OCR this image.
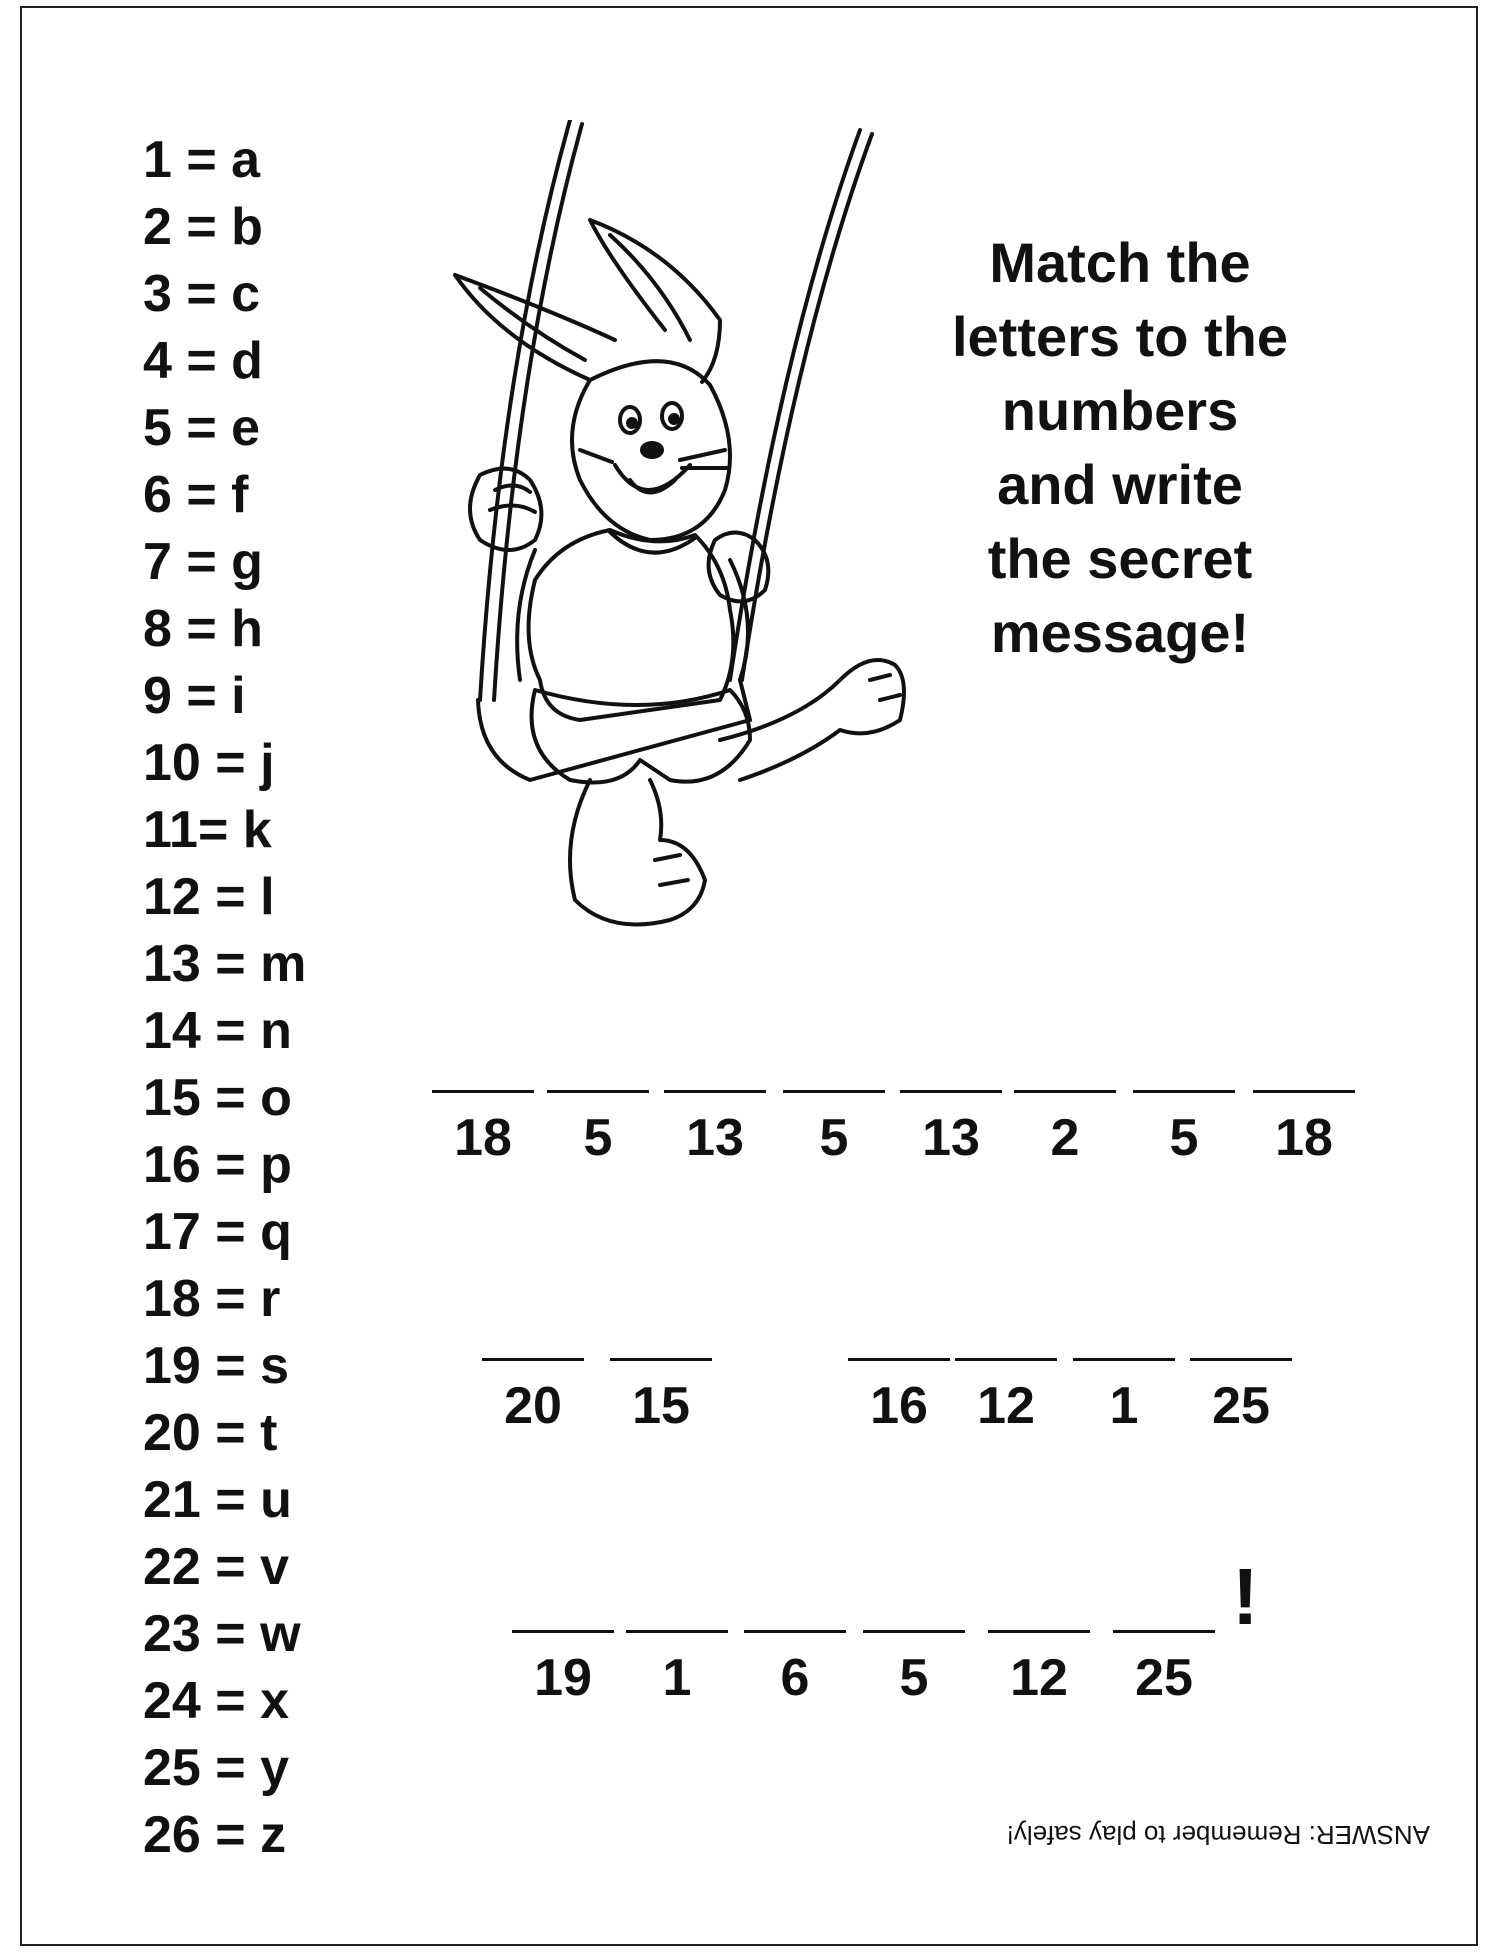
1 = a
2 = b
3 = c
4 = d
5 = e
6 = f
7 = g
8 = h
9 = i
10 = j
11= k
12 = l
13 = m
14 = n
15 = o
16 = p
17 = q
18 = r
19 = s
20 = t
21 = u
22 = v
23 = w
24 = x
25 = y
26 = z
Match the
letters to the
numbers
and write
the secret
message!
18	5	13	5	13	2	5	18
20	15	16 12	1	25
19	1	6	5	12	25
!
ANSWER: Remember to play safely!
